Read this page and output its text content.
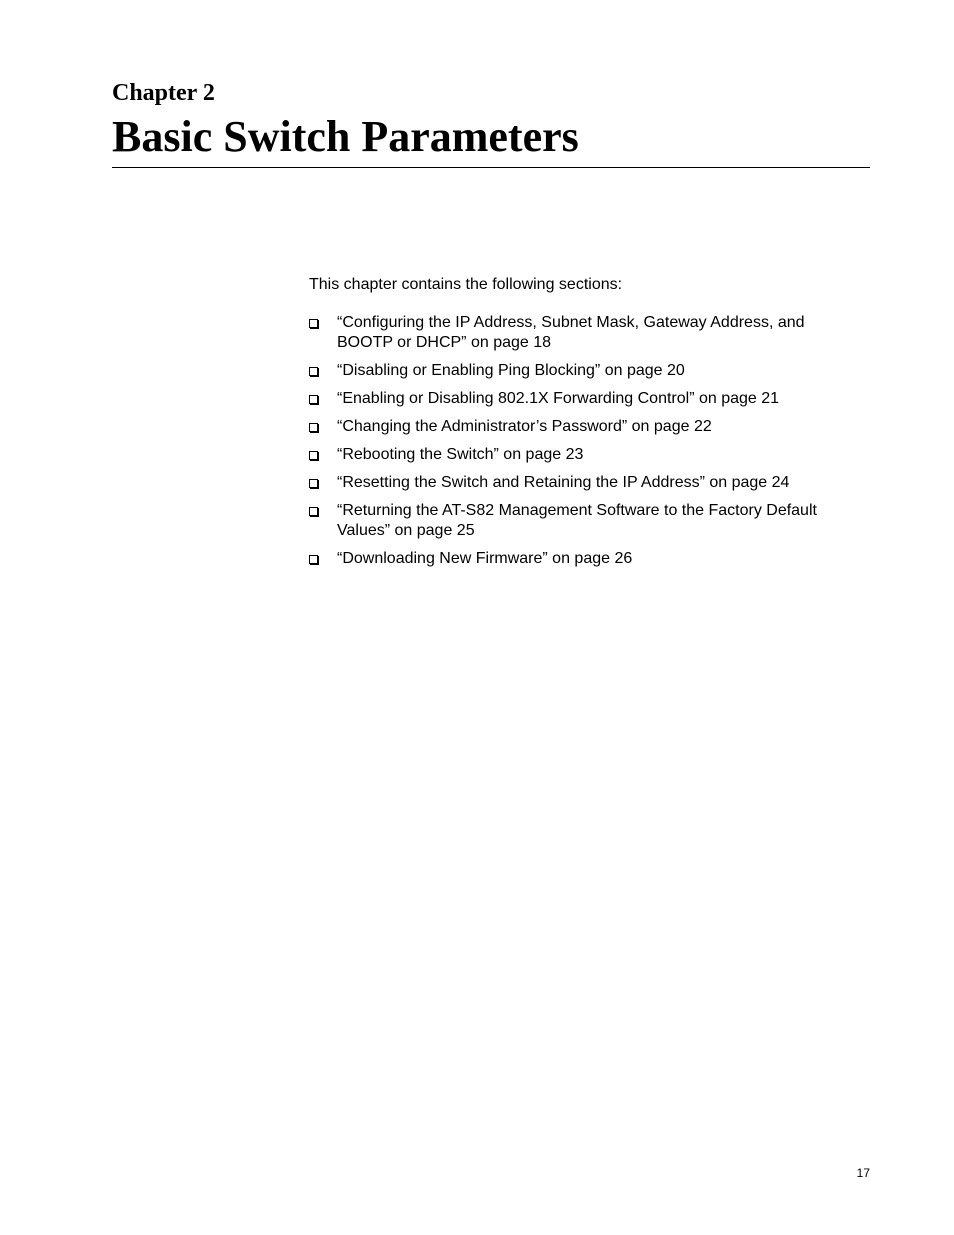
Chapter 2
Basic Switch Parameters

This chapter contains the following sections:

“Configuring the IP Address, Subnet Mask, Gateway Address, and BOOTP or DHCP” on page 18
“Disabling or Enabling Ping Blocking” on page 20
“Enabling or Disabling 802.1X Forwarding Control” on page 21
“Changing the Administrator’s Password” on page 22
“Rebooting the Switch” on page 23
“Resetting the Switch and Retaining the IP Address” on page 24
“Returning the AT-S82 Management Software to the Factory Default Values” on page 25
“Downloading New Firmware” on page 26
17
